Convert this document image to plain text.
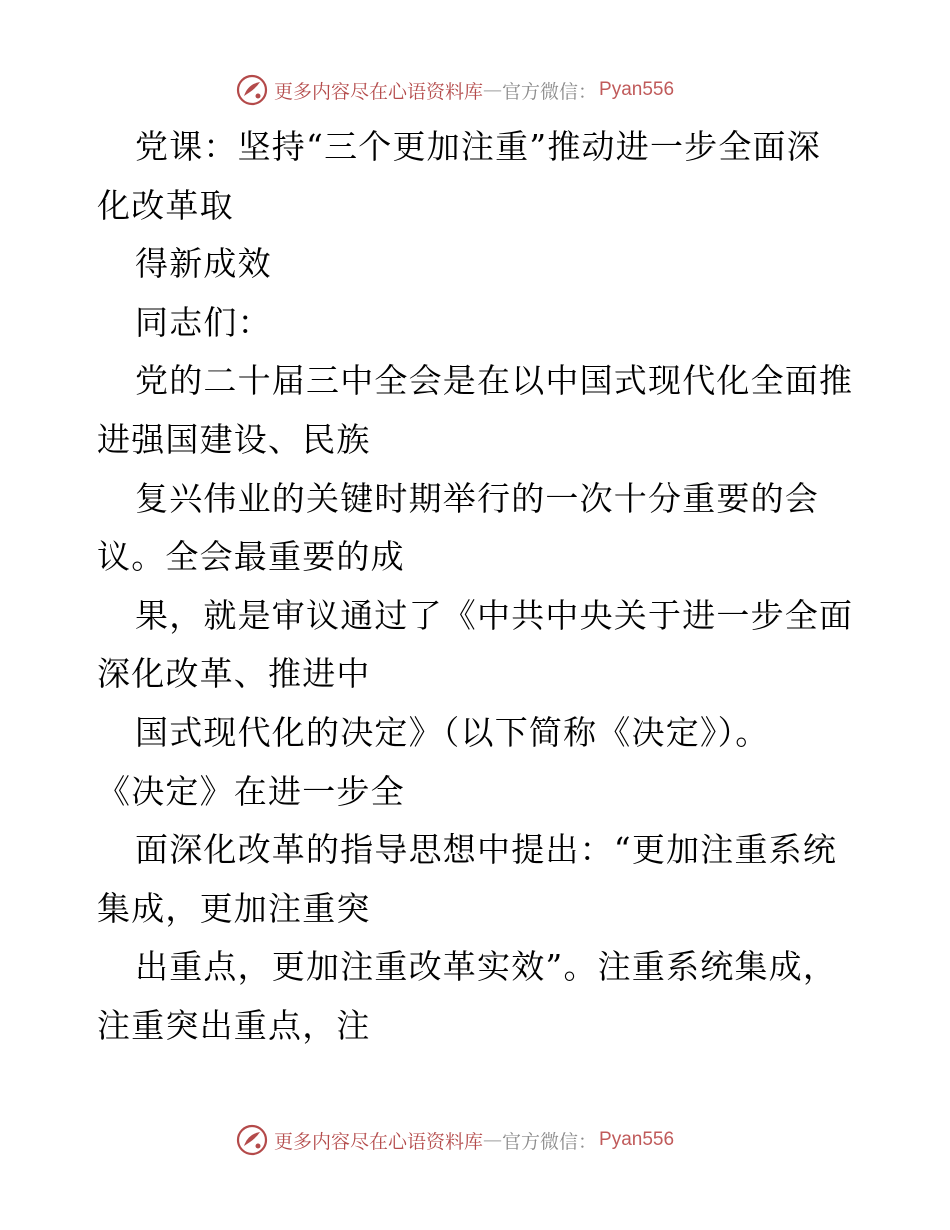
更多内容尽在心语资料库 — 官方微信： Pyan556
党课：坚持“三个更加注重”推动进一步全面深
化改革取
得新成效
同志们：
党的二十届三中全会是在以中国式现代化全面推
进强国建设、民族
复兴伟业的关键时期举行的一次十分重要的会
议。全会最重要的成
果，就是审议通过了《中共中央关于进一步全面
深化改革、推进中
国式现代化的决定》（以下简称《决定》）。
《决定》在进一步全
面深化改革的指导思想中提出：“更加注重系统
集成，更加注重突
出重点，更加注重改革实效”。注重系统集成，
注重突出重点，注
更多内容尽在心语资料库 — 官方微信： Pyan556
